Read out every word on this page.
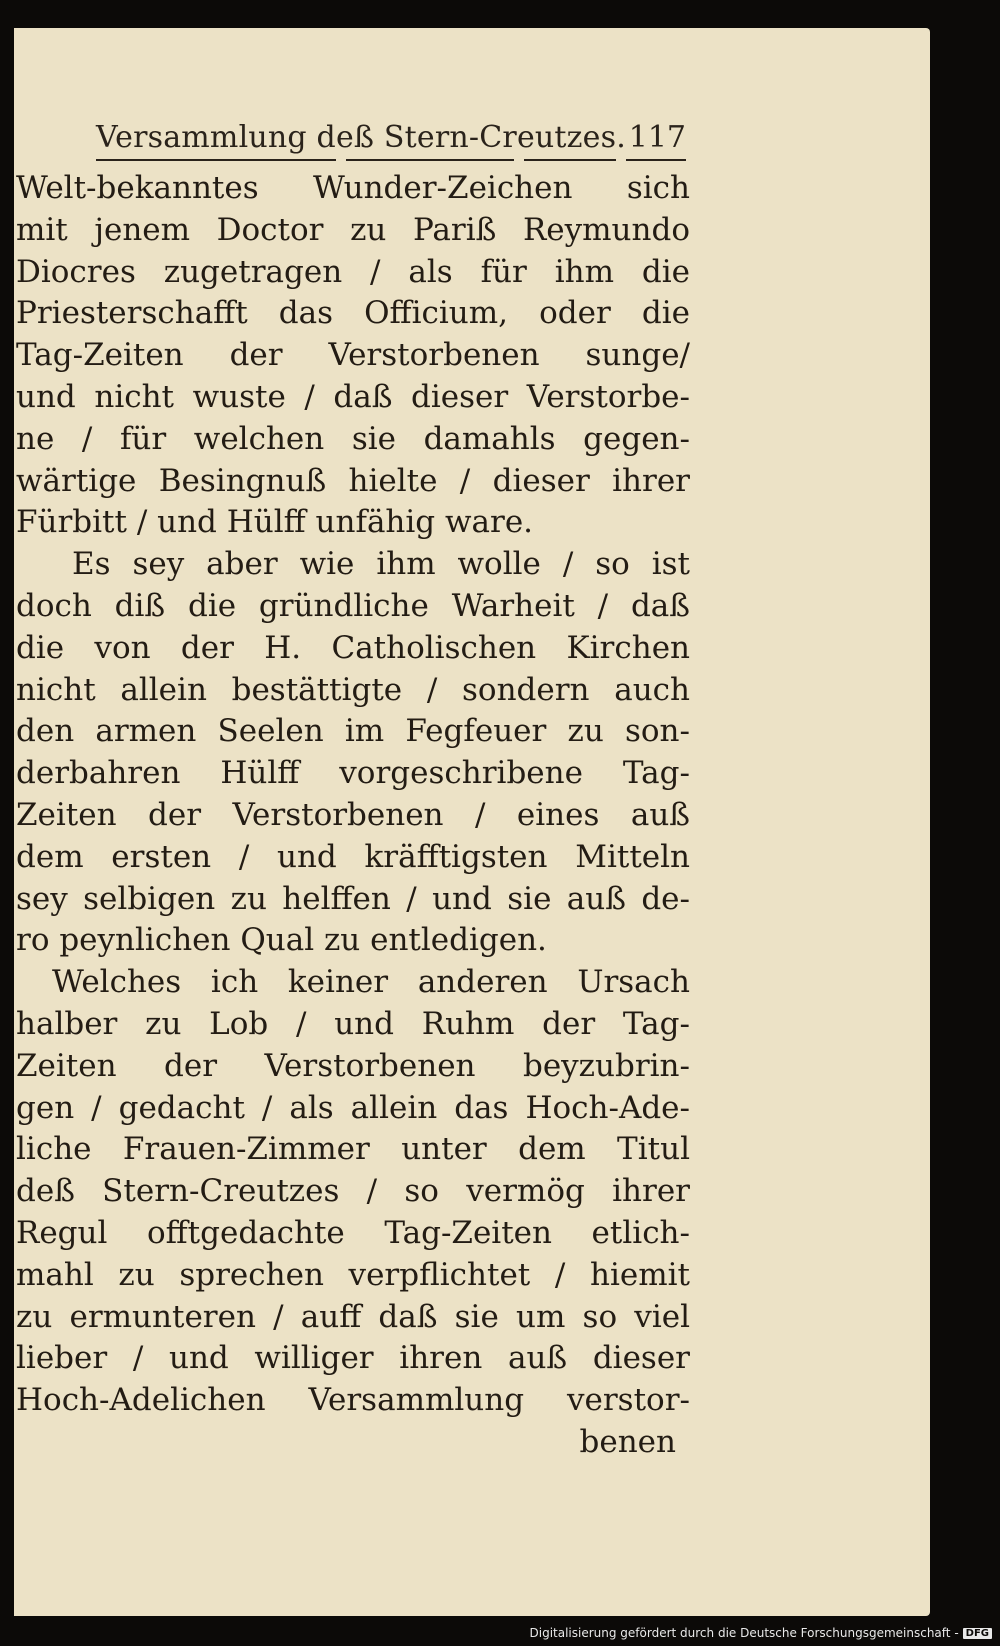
Versammlung deß Stern-Creutzes. 117
Welt-bekanntes Wunder-Zeichen sich
mit jenem Doctor zu Pariß Reymundo
Diocres zugetragen / als für ihm die
Priesterschafft das Officium, oder die
Tag-Zeiten der Verstorbenen sunge/
und nicht wuste / daß dieser Verstorbe-
ne / für welchen sie damahls gegen-
wärtige Besingnuß hielte / dieser ihrer
Fürbitt / und Hülff unfähig ware.
Es sey aber wie ihm wolle / so ist
doch diß die gründliche Warheit / daß
die von der H. Catholischen Kirchen
nicht allein bestättigte / sondern auch
den armen Seelen im Fegfeuer zu son-
derbahren Hülff vorgeschribene Tag-
Zeiten der Verstorbenen / eines auß
dem ersten / und kräfftigsten Mitteln
sey selbigen zu helffen / und sie auß de-
ro peynlichen Qual zu entledigen.
Welches ich keiner anderen Ursach
halber zu Lob / und Ruhm der Tag-
Zeiten der Verstorbenen beyzubrin-
gen / gedacht / als allein das Hoch-Ade-
liche Frauen-Zimmer unter dem Titul
deß Stern-Creutzes / so vermög ihrer
Regul offtgedachte Tag-Zeiten etlich-
mahl zu sprechen verpflichtet / hiemit
zu ermunteren / auff daß sie um so viel
lieber / und williger ihren auß dieser
Hoch-Adelichen Versammlung verstor-
benen
Digitalisierung gefördert durch die Deutsche Forschungsgemeinschaft - DFG
